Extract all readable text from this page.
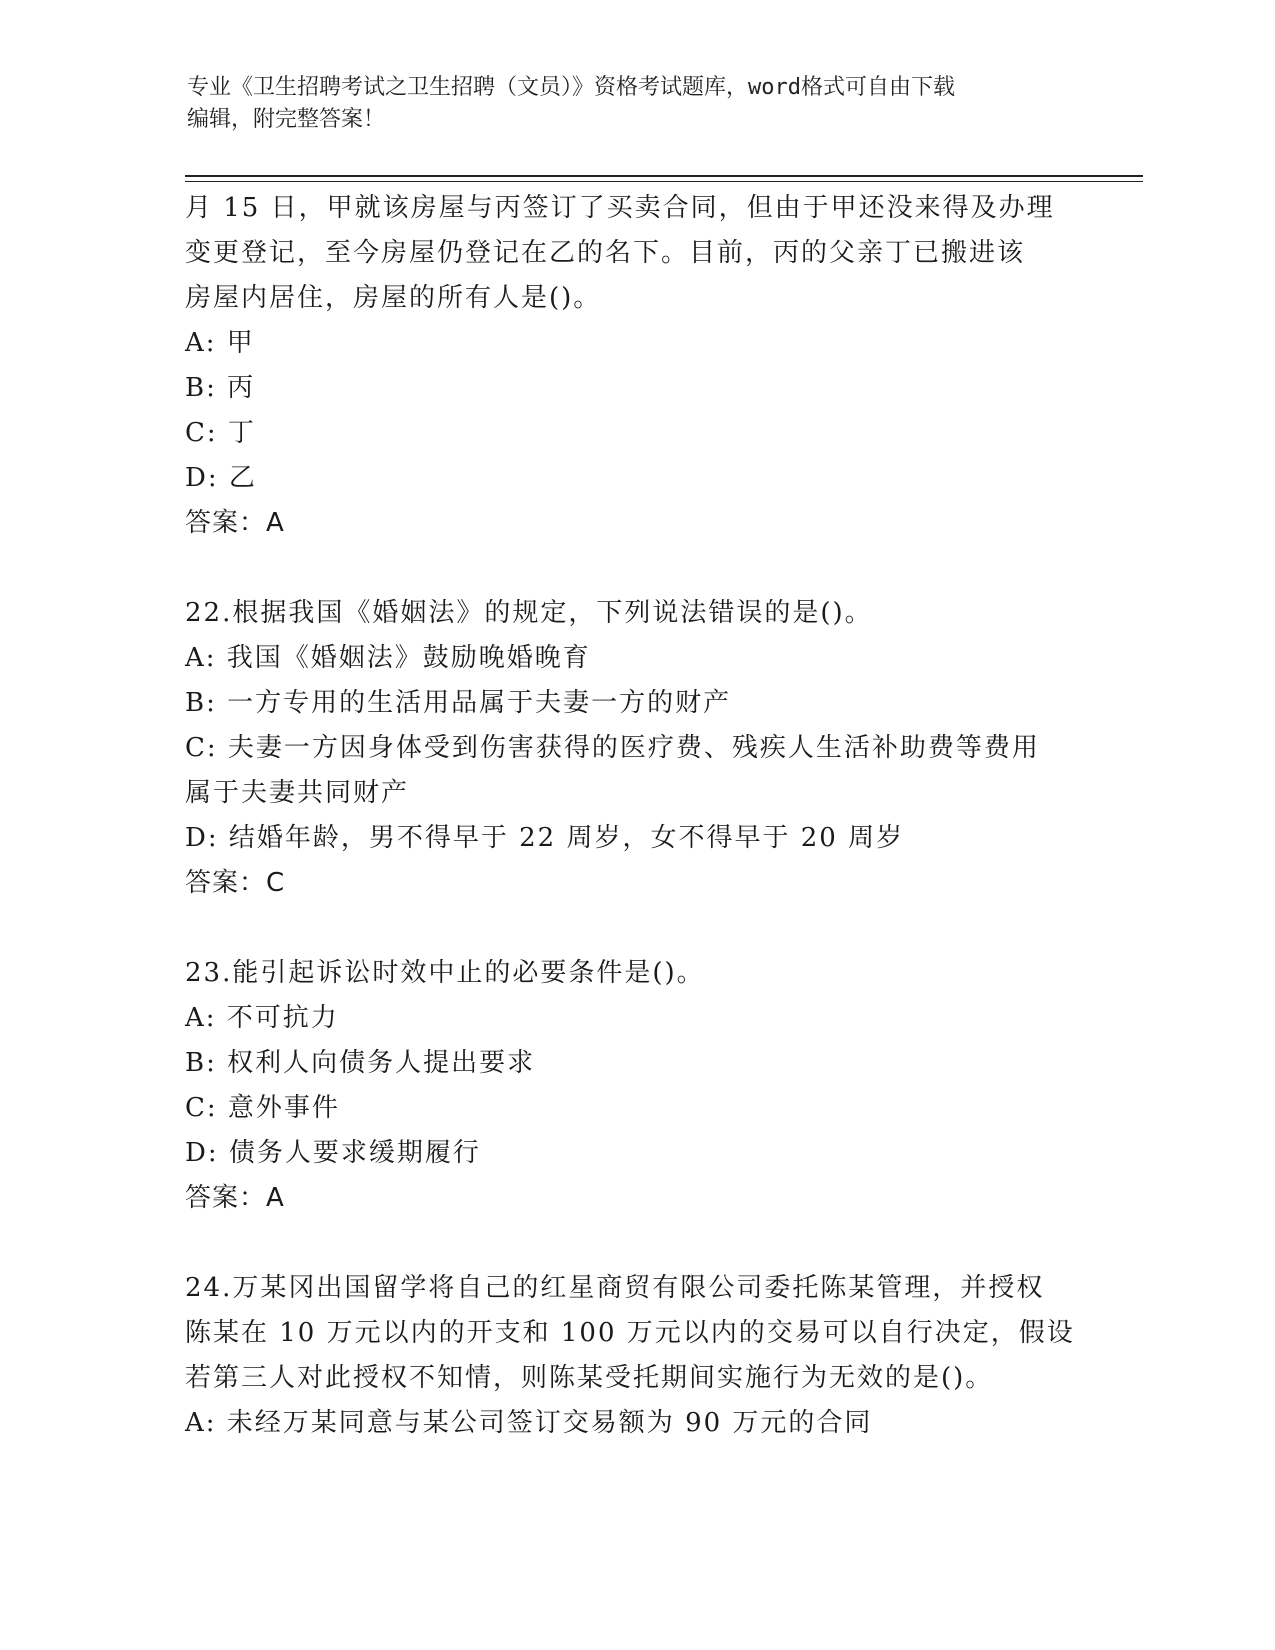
专业《卫生招聘考试之卫生招聘（文员）》资格考试题库，word格式可自由下载
编辑，附完整答案！
月 15 日，甲就该房屋与丙签订了买卖合同，但由于甲还没来得及办理
变更登记，至今房屋仍登记在乙的名下。目前，丙的父亲丁已搬进该
房屋内居住，房屋的所有人是()。
A: 甲
B: 丙
C: 丁
D: 乙
答案：A
22.根据我国《婚姻法》的规定，下列说法错误的是()。
A: 我国《婚姻法》鼓励晚婚晚育
B: 一方专用的生活用品属于夫妻一方的财产
C: 夫妻一方因身体受到伤害获得的医疗费、残疾人生活补助费等费用
属于夫妻共同财产
D: 结婚年龄，男不得早于 22 周岁，女不得早于 20 周岁
答案：C
23.能引起诉讼时效中止的必要条件是()。
A: 不可抗力
B: 权利人向债务人提出要求
C: 意外事件
D: 债务人要求缓期履行
答案：A
24.万某冈出国留学将自己的红星商贸有限公司委托陈某管理，并授权
陈某在 10 万元以内的开支和 100 万元以内的交易可以自行决定，假设
若第三人对此授权不知情，则陈某受托期间实施行为无效的是()。
A: 未经万某同意与某公司签订交易额为 90 万元的合同
